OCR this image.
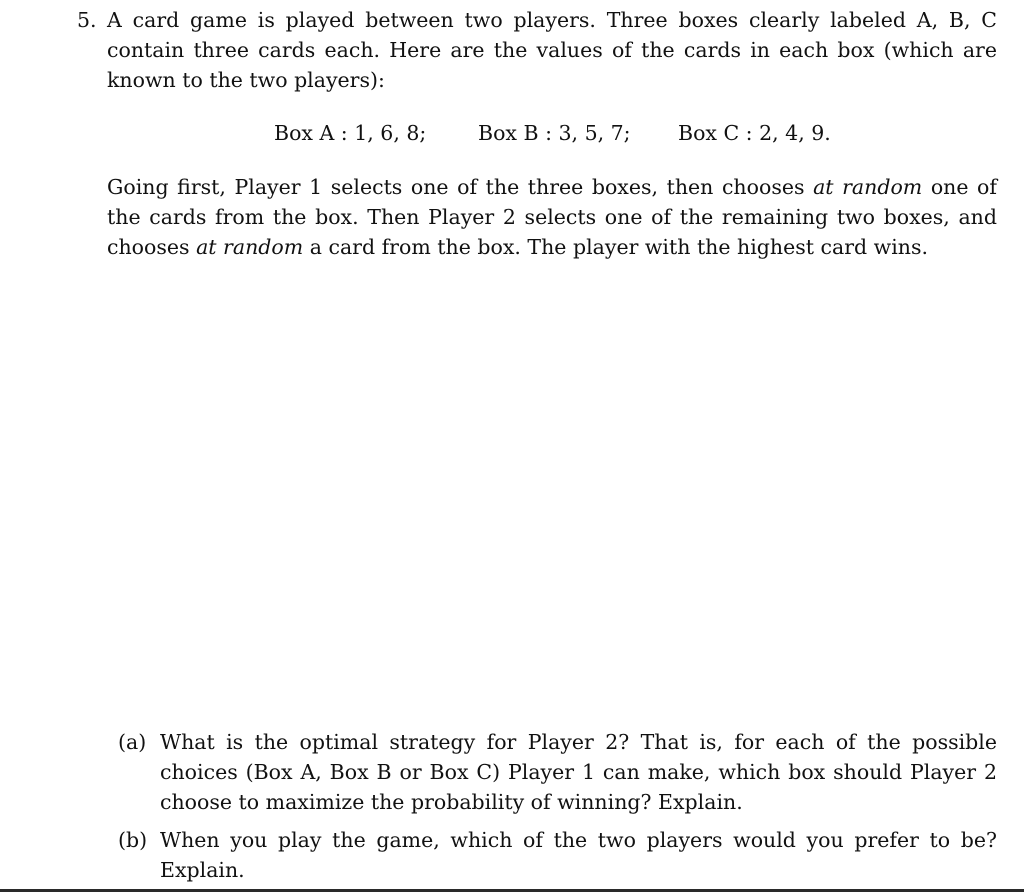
5. A card game is played between two players. Three boxes clearly labeled A, B, C
contain three cards each. Here are the values of the cards in each box (which are
known to the two players):
Box A : 1, 6, 8;	Box B : 3, 5, 7; Box C : 2, 4, 9.
Going first, Player 1 selects one of the three boxes, then chooses at random one of
the cards from the box. Then Player 2 selects one of the remaining two boxes, and
chooses at random a card from the box. The player with the highest card wins.
(a) What is the optimal strategy for Player 2? That is, for each of the possible
choices (Box A, Box B or Box C) Player 1 can make, which box should Player 2
choose to maximize the probability of winning? Explain.
(b) When you play the game, which of the two players would you prefer to be?
Explain.
